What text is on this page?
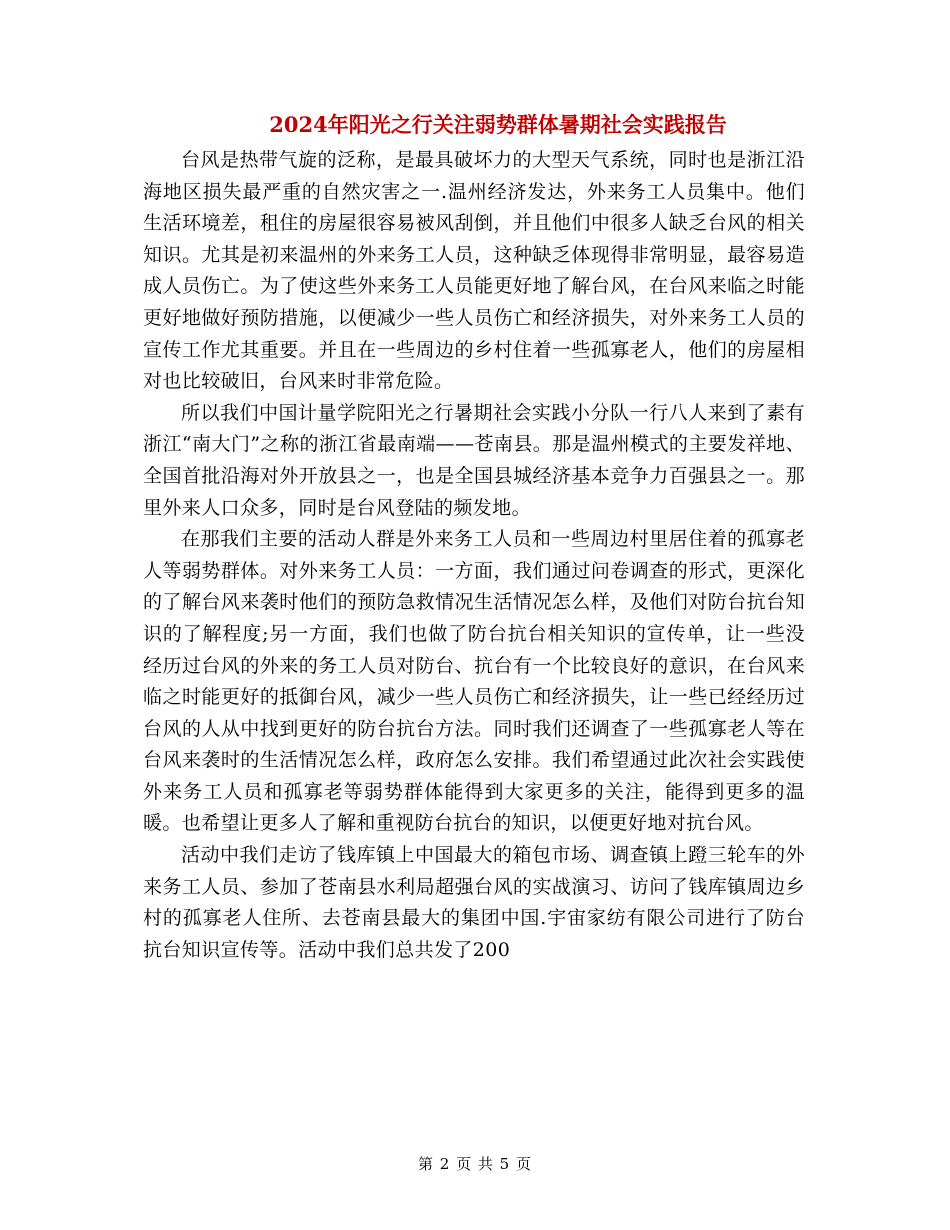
2024年阳光之行关注弱势群体暑期社会实践报告

台风是热带气旋的泛称，是最具破坏力的大型天气系统，同时也是浙江沿海地区损失最严重的自然灾害之一.温州经济发达，外来务工人员集中。他们生活环境差，租住的房屋很容易被风刮倒，并且他们中很多人缺乏台风的相关知识。尤其是初来温州的外来务工人员，这种缺乏体现得非常明显，最容易造成人员伤亡。为了使这些外来务工人员能更好地了解台风，在台风来临之时能更好地做好预防措施，以便减少一些人员伤亡和经济损失，对外来务工人员的宣传工作尤其重要。并且在一些周边的乡村住着一些孤寡老人，他们的房屋相对也比较破旧，台风来时非常危险。

所以我们中国计量学院阳光之行暑期社会实践小分队一行八人来到了素有浙江“南大门”之称的浙江省最南端——苍南县。那是温州模式的主要发祥地、全国首批沿海对外开放县之一，也是全国县城经济基本竞争力百强县之一。那里外来人口众多，同时是台风登陆的频发地。

在那我们主要的活动人群是外来务工人员和一些周边村里居住着的孤寡老人等弱势群体。对外来务工人员：一方面，我们通过问卷调查的形式，更深化的了解台风来袭时他们的预防急救情况生活情况怎么样，及他们对防台抗台知识的了解程度;另一方面，我们也做了防台抗台相关知识的宣传单，让一些没经历过台风的外来的务工人员对防台、抗台有一个比较良好的意识，在台风来临之时能更好的抵御台风，减少一些人员伤亡和经济损失，让一些已经经历过台风的人从中找到更好的防台抗台方法。同时我们还调查了一些孤寡老人等在台风来袭时的生活情况怎么样，政府怎么安排。我们希望通过此次社会实践使外来务工人员和孤寡老等弱势群体能得到大家更多的关注，能得到更多的温暖。也希望让更多人了解和重视防台抗台的知识，以便更好地对抗台风。

活动中我们走访了钱库镇上中国最大的箱包市场、调查镇上蹬三轮车的外来务工人员、参加了苍南县水利局超强台风的实战演习、访问了钱库镇周边乡村的孤寡老人住所、去苍南县最大的集团中国.宇宙家纺有限公司进行了防台抗台知识宣传等。活动中我们总共发了200

第 2 页 共 5 页
